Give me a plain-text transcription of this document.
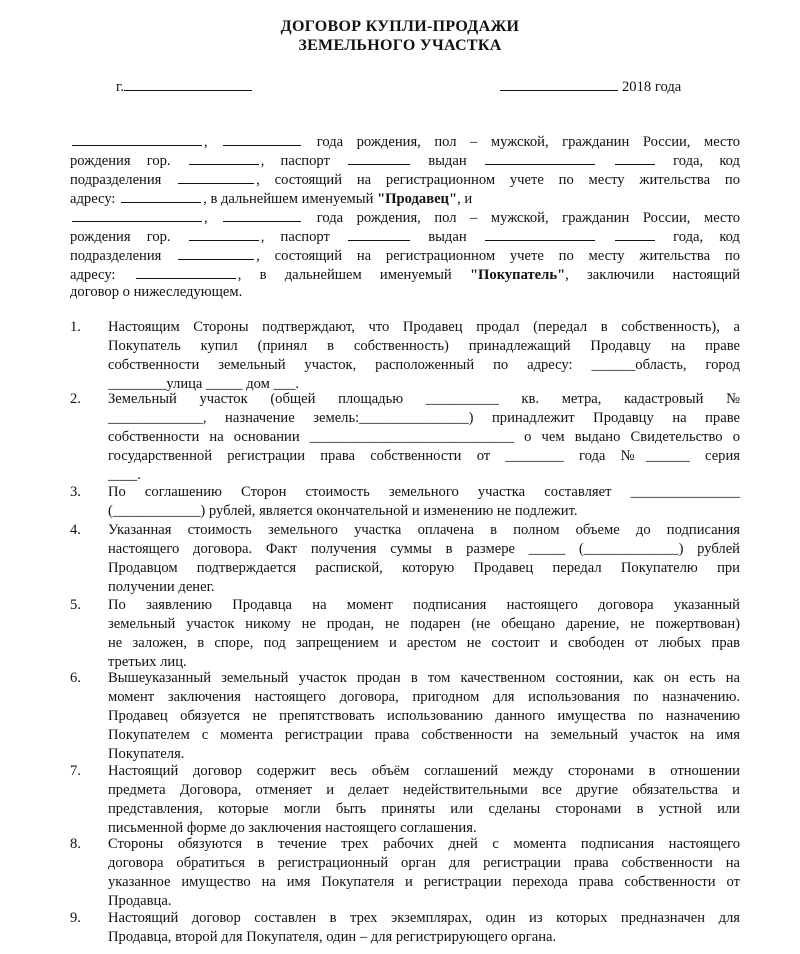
ДОГОВОР КУПЛИ-ПРОДАЖИ
ЗЕМЕЛЬНОГО УЧАСТКА
г.	2018 года
,	года рождения, пол – мужской, гражданин России, место
рождения гор.	, паспорт	выдан	года, код
подразделения	, состоящий на регистрационном учете по месту жительства по
адресу:	, в дальнейшем именуемый "Продавец", и
,	года рождения, пол – мужской, гражданин России, место
рождения гор.	, паспорт	выдан	года, код
подразделения	, состоящий на регистрационном учете по месту жительства по
адресу:	, в дальнейшем именуемый "Покупатель", заключили настоящий
договор о нижеследующем.
1. Настоящим Стороны подтверждают, что Продавец продал (передал в собственность), а
Покупатель купил (принял в собственность) принадлежащий Продавцу на праве
собственности земельный участок, расположенный по адресу: ______область, город
________улица _____ дом ___.
2. Земельный участок (общей площадью __________ кв. метра, кадастровый №
_____________, назначение земель:_______________) принадлежит Продавцу на праве
собственности на основании ____________________________ о чем выдано Свидетельство о
государственной регистрации права собственности от ________ года №______ серия
____.
3. По соглашению Сторон стоимость земельного участка составляет _______________
(____________) рублей, является окончательной и изменению не подлежит.
4. Указанная стоимость земельного участка оплачена в полном объеме до подписания
настоящего договора. Факт получения суммы в размере _____ (_____________) рублей
Продавцом подтверждается распиской, которую Продавец передал Покупателю при
получении денег.
5. По заявлению Продавца на момент подписания настоящего договора указанный
земельный участок никому не продан, не подарен (не обещано дарение, не пожертвован)
не заложен, в споре, под запрещением и арестом не состоит и свободен от любых прав
третьих лиц.
6. Вышеуказанный земельный участок продан в том качественном состоянии, как он есть на
момент заключения настоящего договора, пригодном для использования по назначению.
Продавец обязуется не препятствовать использованию данного имущества по назначению
Покупателем с момента регистрации права собственности на земельный участок на имя
Покупателя.
7. Настоящий договор содержит весь объём соглашений между сторонами в отношении
предмета Договора, отменяет и делает недействительными все другие обязательства и
представления, которые могли быть приняты или сделаны сторонами в устной или
письменной форме до заключения настоящего соглашения.
8. Стороны обязуются в течение трех рабочих дней с момента подписания настоящего
договора обратиться в регистрационный орган для регистрации права собственности на
указанное имущество на имя Покупателя и регистрации перехода права собственности от
Продавца.
9. Настоящий договор составлен в трех экземплярах, один из которых предназначен для
Продавца, второй для Покупателя, один – для регистрирующего органа.
